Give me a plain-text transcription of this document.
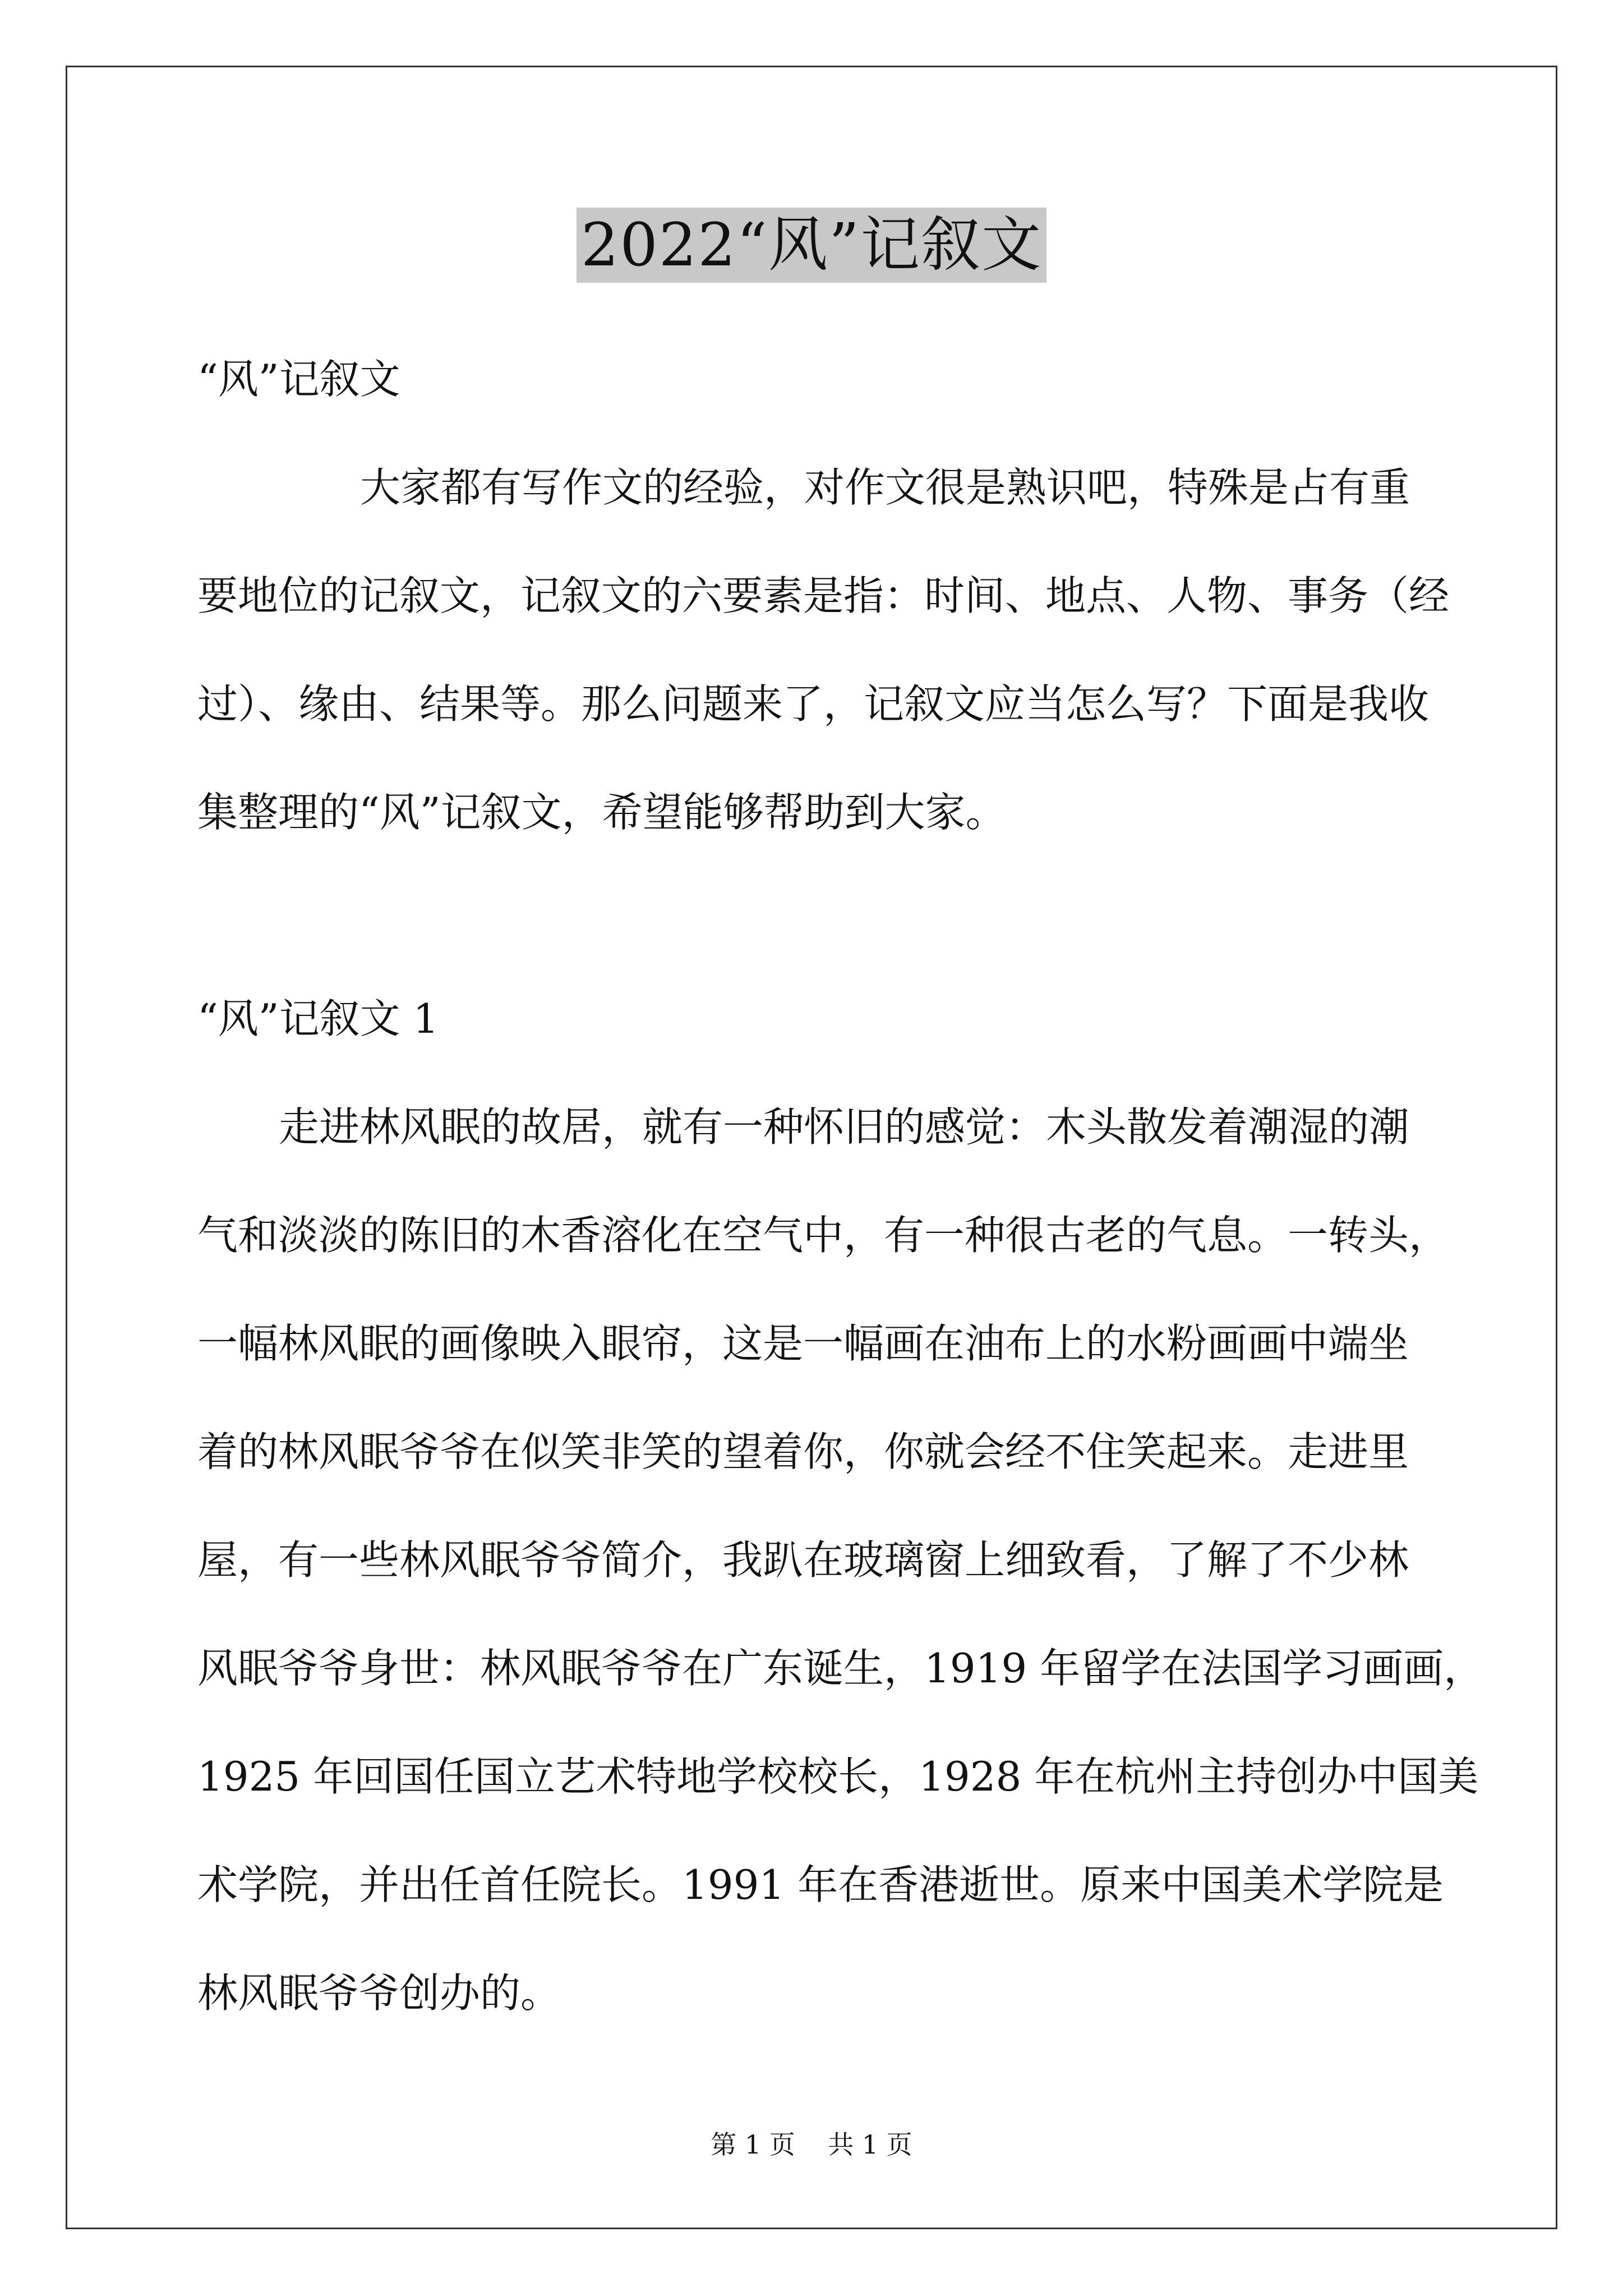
2022“风”记叙文
“风”记叙文
大家都有写作文的经验，对作文很是熟识吧，特殊是占有重
要地位的记叙文，记叙文的六要素是指：时间、地点、人物、事务（经
过）、缘由、结果等。那么问题来了，记叙文应当怎么写？下面是我收
集整理的“风”记叙文，希望能够帮助到大家。
“风”记叙文 1
走进林风眠的故居，就有一种怀旧的感觉：木头散发着潮湿的潮
气和淡淡的陈旧的木香溶化在空气中，有一种很古老的气息。一转头，
一幅林风眠的画像映入眼帘，这是一幅画在油布上的水粉画画中端坐
着的林风眠爷爷在似笑非笑的望着你，你就会经不住笑起来。走进里
屋，有一些林风眠爷爷简介，我趴在玻璃窗上细致看，了解了不少林
风眠爷爷身世：林风眠爷爷在广东诞生，1919 年留学在法国学习画画，
1925 年回国任国立艺术特地学校校长，1928 年在杭州主持创办中国美
术学院，并出任首任院长。1991 年在香港逝世。原来中国美术学院是
林风眠爷爷创办的。
第 1 页    共 1 页
